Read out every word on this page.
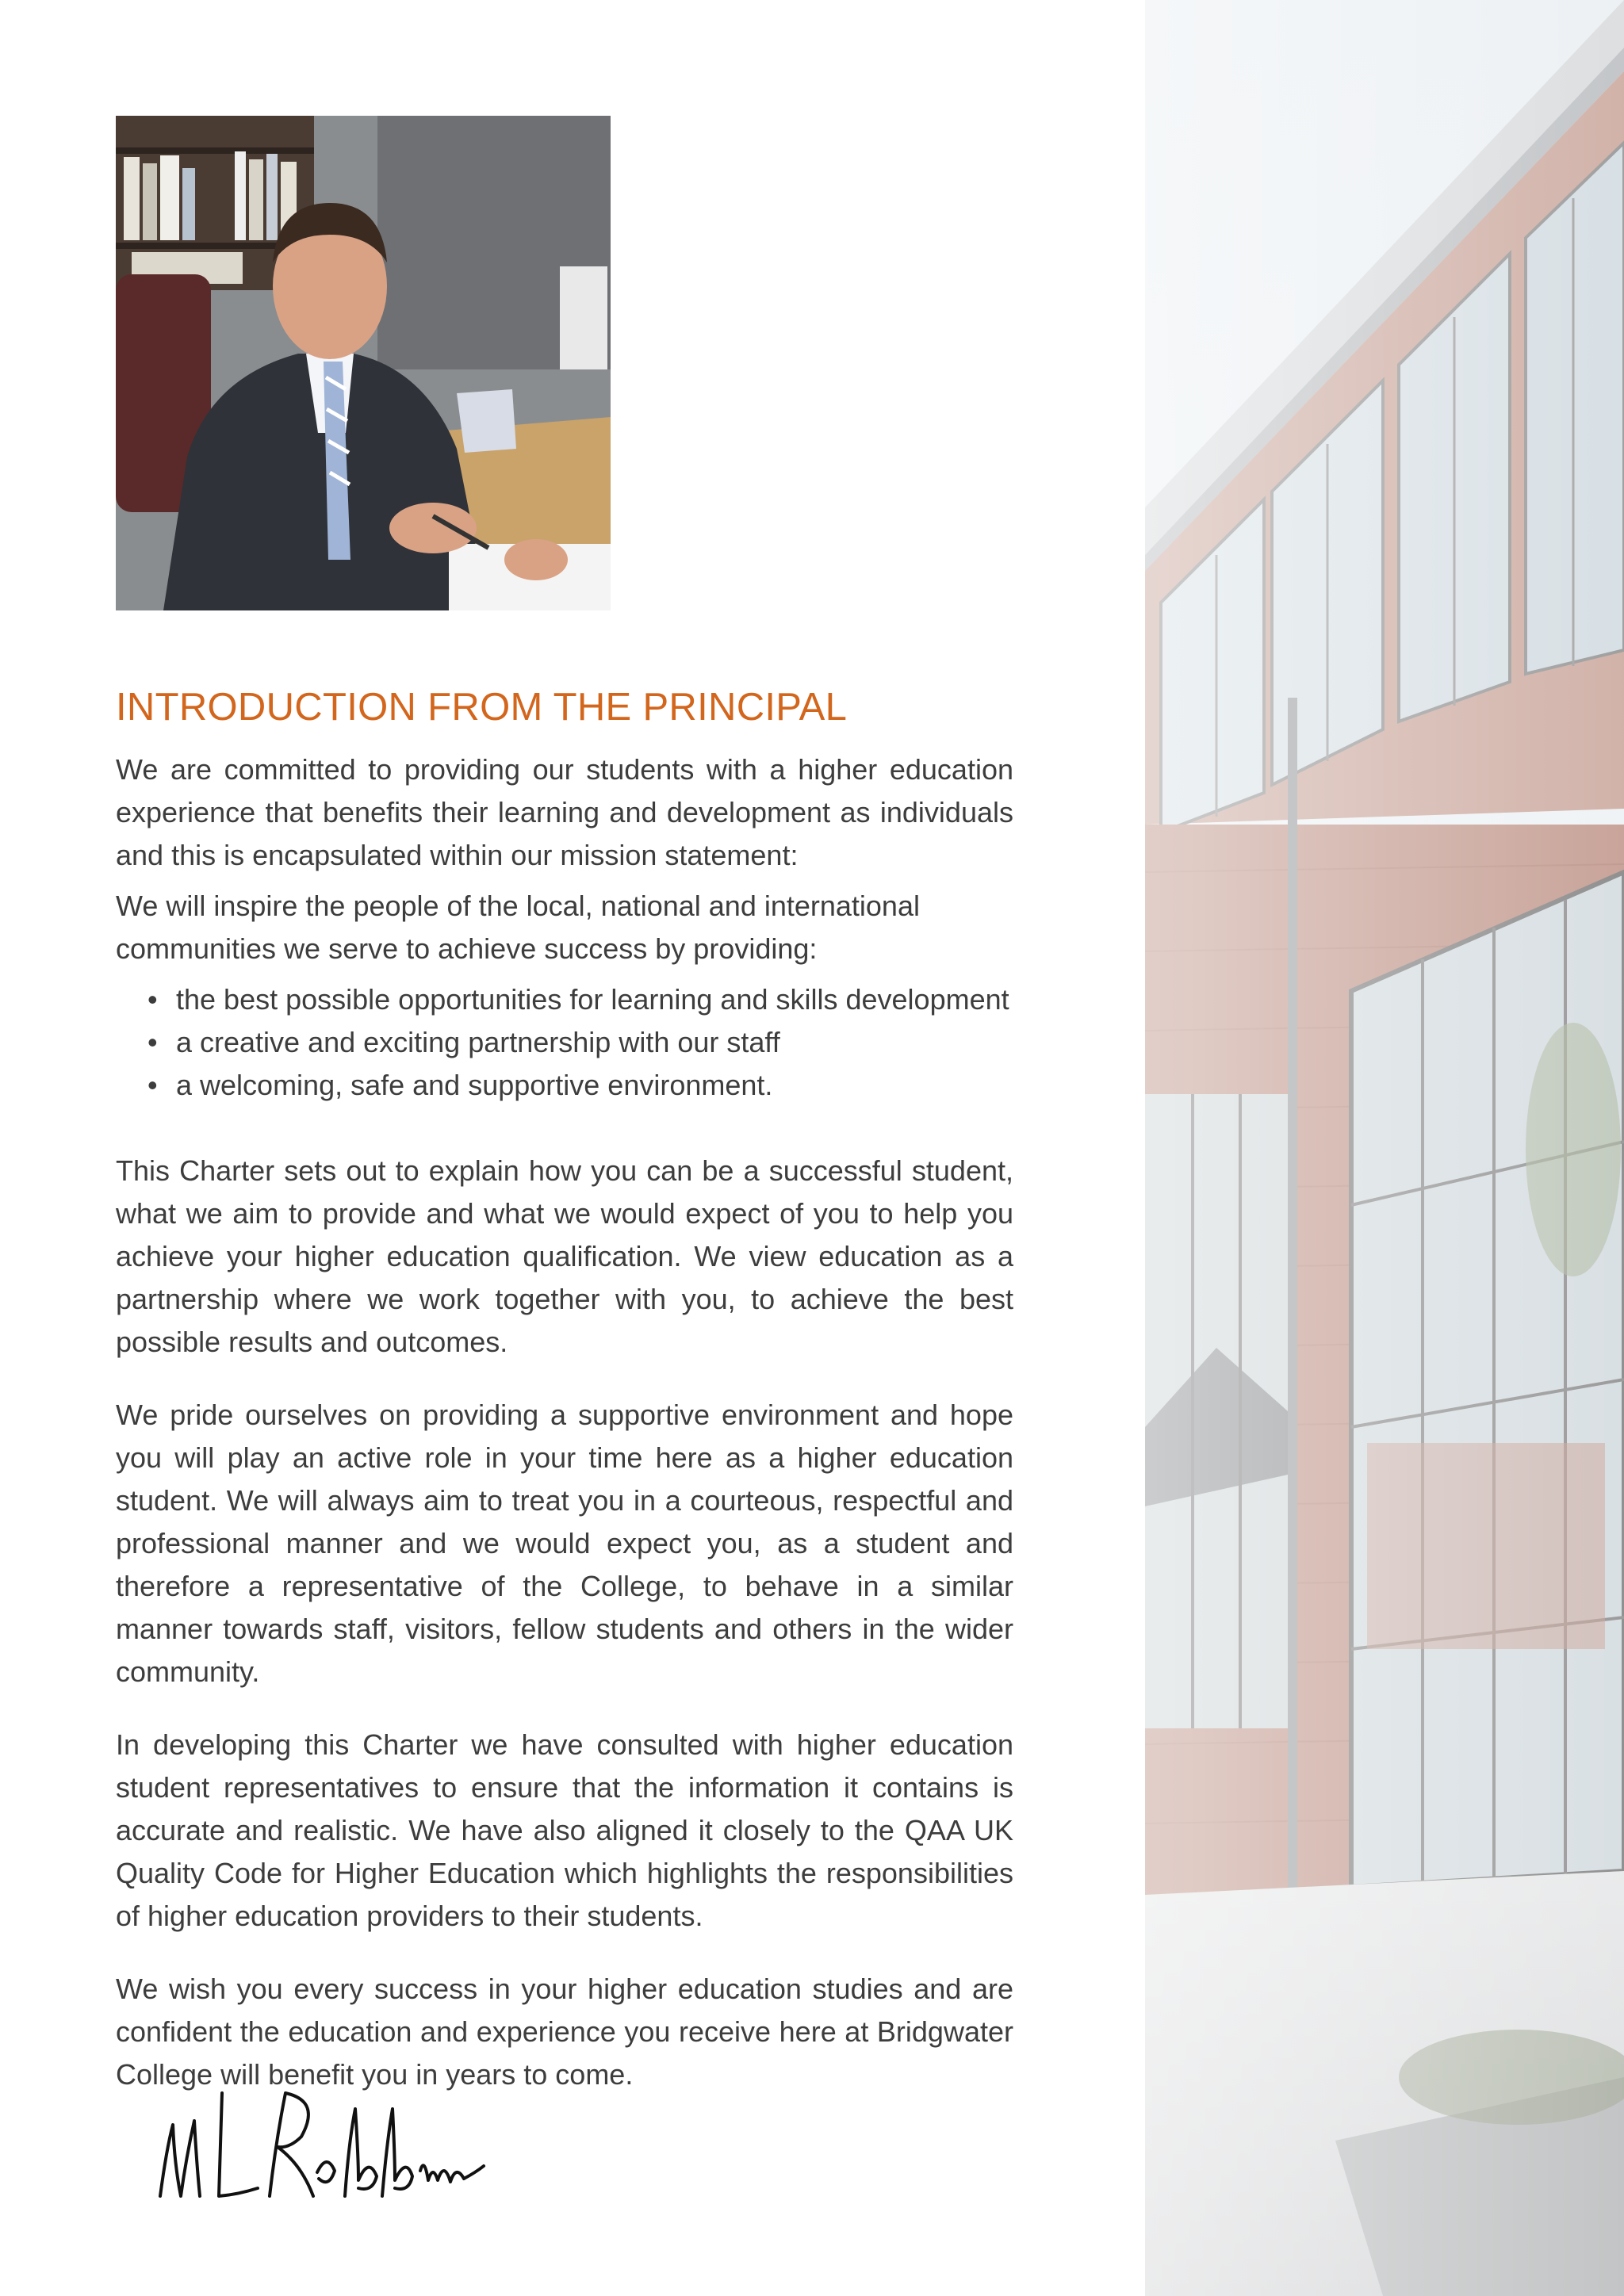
INTRODUCTION FROM THE PRINCIPAL

We are committed to providing our students with a higher education experience that benefits their learning and development as individuals and this is encapsulated within our mission statement:

We will inspire the people of the local, national and international communities we serve to achieve success by providing:

• the best possible opportunities for learning and skills development
• a creative and exciting partnership with our staff
• a welcoming, safe and supportive environment.

This Charter sets out to explain how you can be a successful student, what we aim to provide and what we would expect of you to help you achieve your higher education qualification. We view education as a partnership where we work together with you, to achieve the best possible results and outcomes.

We pride ourselves on providing a supportive environment and hope you will play an active role in your time here as a higher education student. We will always aim to treat you in a courteous, respectful and professional manner and we would expect you, as a student and therefore a representative of the College, to behave in a similar manner towards staff, visitors, fellow students and others in the wider community.

In developing this Charter we have consulted with higher education student representatives to ensure that the information it contains is accurate and realistic. We have also aligned it closely to the QAA UK Quality Code for Higher Education which highlights the responsibilities of higher education providers to their students.

We wish you every success in your higher education studies and are confident the education and experience you receive here at Bridgwater College will benefit you in years to come.
